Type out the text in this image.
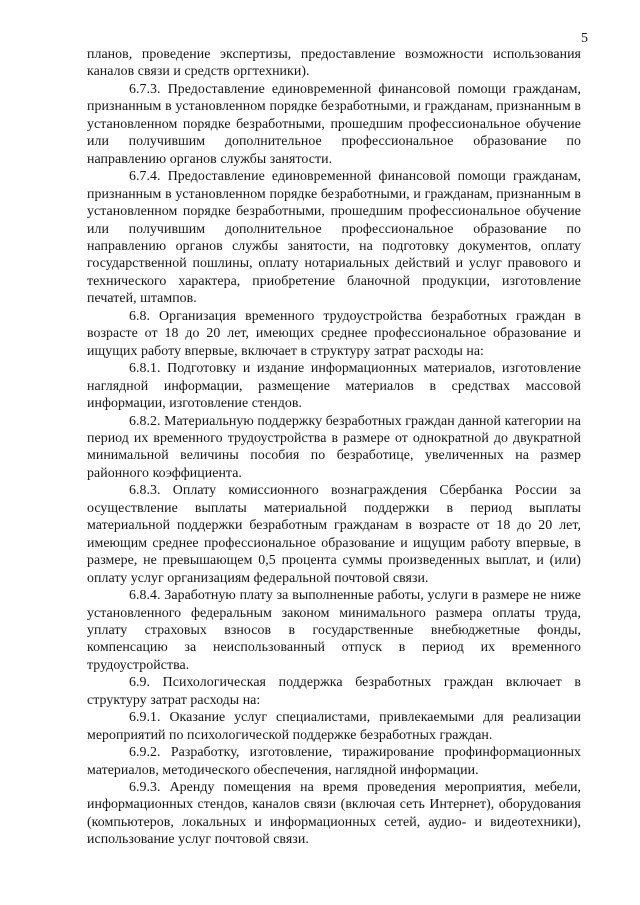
5

планов, проведение экспертизы, предоставление возможности использования каналов связи и средств оргтехники).

6.7.3. Предоставление единовременной финансовой помощи гражданам, признанным в установленном порядке безработными, и гражданам, признанным в установленном порядке безработными, прошедшим профессиональное обучение или получившим дополнительное профессиональное образование по направлению органов службы занятости.

6.7.4. Предоставление единовременной финансовой помощи гражданам, признанным в установленном порядке безработными, и гражданам, признанным в установленном порядке безработными, прошедшим профессиональное обучение или получившим дополнительное профессиональное образование по направлению органов службы занятости, на подготовку документов, оплату государственной пошлины, оплату нотариальных действий и услуг правового и технического характера, приобретение бланочной продукции, изготовление печатей, штампов.

6.8. Организация временного трудоустройства безработных граждан в возрасте от 18 до 20 лет, имеющих среднее профессиональное образование и ищущих работу впервые, включает в структуру затрат расходы на:

6.8.1. Подготовку и издание информационных материалов, изготовление наглядной информации, размещение материалов в средствах массовой информации, изготовление стендов.

6.8.2. Материальную поддержку безработных граждан данной категории на период их временного трудоустройства в размере от однократной до двукратной минимальной величины пособия по безработице, увеличенных на размер районного коэффициента.

6.8.3. Оплату комиссионного вознаграждения Сбербанка России за осуществление выплаты материальной поддержки в период выплаты материальной поддержки безработным гражданам в возрасте от 18 до 20 лет, имеющим среднее профессиональное образование и ищущим работу впервые, в размере, не превышающем 0,5 процента суммы произведенных выплат, и (или) оплату услуг организациям федеральной почтовой связи.

6.8.4. Заработную плату за выполненные работы, услуги в размере не ниже установленного федеральным законом минимального размера оплаты труда, уплату страховых взносов в государственные внебюджетные фонды, компенсацию за неиспользованный отпуск в период их временного трудоустройства.

6.9. Психологическая поддержка безработных граждан включает в структуру затрат расходы на:

6.9.1. Оказание услуг специалистами, привлекаемыми для реализации мероприятий по психологической поддержке безработных граждан.

6.9.2. Разработку, изготовление, тиражирование профинформационных материалов, методического обеспечения, наглядной информации.

6.9.3. Аренду помещения на время проведения мероприятия, мебели, информационных стендов, каналов связи (включая сеть Интернет), оборудования (компьютеров, локальных и информационных сетей, аудио- и видеотехники), использование услуг почтовой связи.
